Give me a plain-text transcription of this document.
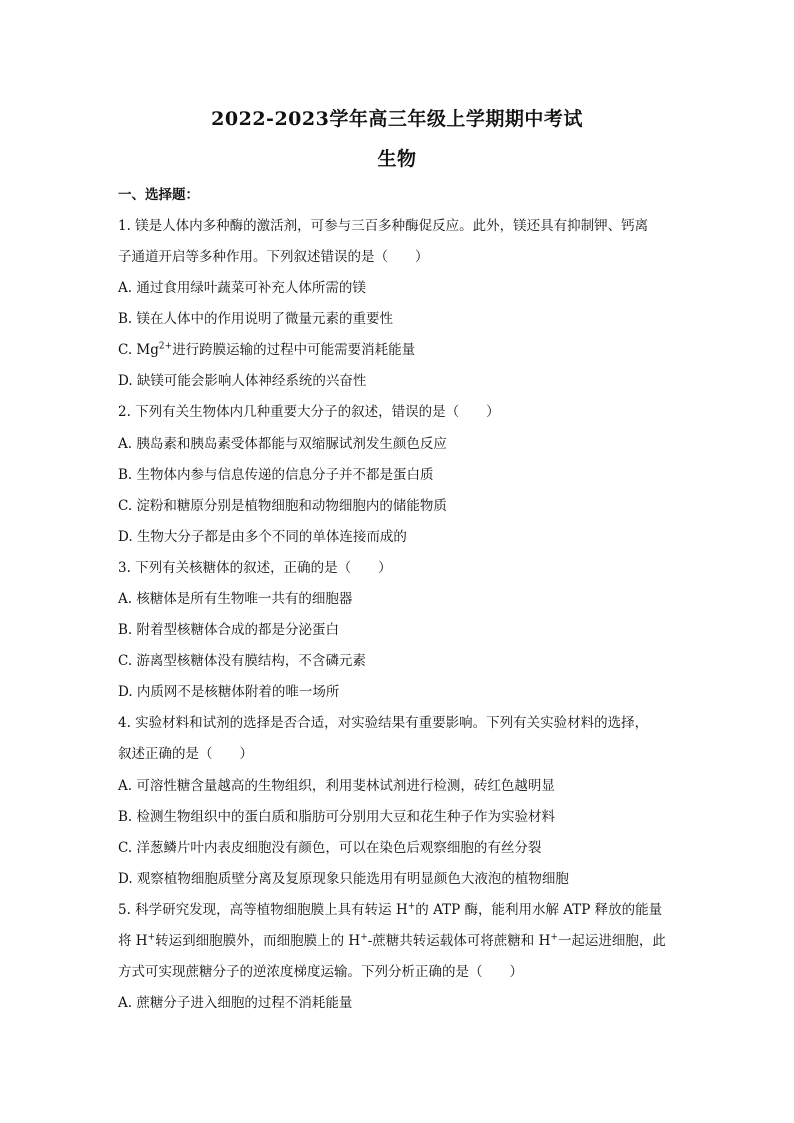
2022-2023学年高三年级上学期期中考试
生物
一、选择题：
1. 镁是人体内多种酶的激活剂，可参与三百多种酶促反应。此外，镁还具有抑制钾、钙离
子通道开启等多种作用。下列叙述错误的是（　　）
A. 通过食用绿叶蔬菜可补充人体所需的镁
B. 镁在人体中的作用说明了微量元素的重要性
C. $Mg^{2+}$进行跨膜运输的过程中可能需要消耗能量
D. 缺镁可能会影响人体神经系统的兴奋性
2. 下列有关生物体内几种重要大分子的叙述，错误的是（　　）
A. 胰岛素和胰岛素受体都能与双缩脲试剂发生颜色反应
B. 生物体内参与信息传递的信息分子并不都是蛋白质
C. 淀粉和糖原分别是植物细胞和动物细胞内的储能物质
D. 生物大分子都是由多个不同的单体连接而成的
3. 下列有关核糖体的叙述，正确的是（　　）
A. 核糖体是所有生物唯一共有的细胞器
B. 附着型核糖体合成的都是分泌蛋白
C. 游离型核糖体没有膜结构，不含磷元素
D. 内质网不是核糖体附着的唯一场所
4. 实验材料和试剂的选择是否合适，对实验结果有重要影响。下列有关实验材料的选择，
叙述正确的是（　　）
A. 可溶性糖含量越高的生物组织，利用斐林试剂进行检测，砖红色越明显
B. 检测生物组织中的蛋白质和脂肪可分别用大豆和花生种子作为实验材料
C. 洋葱鳞片叶内表皮细胞没有颜色，可以在染色后观察细胞的有丝分裂
D. 观察植物细胞质壁分离及复原现象只能选用有明显颜色大液泡的植物细胞
5. 科学研究发现，高等植物细胞膜上具有转运 H+的 ATP 酶，能利用水解 ATP 释放的能量
将 H+转运到细胞膜外，而细胞膜上的 H+-蔗糖共转运载体可将蔗糖和 H+一起运进细胞，此
方式可实现蔗糖分子的逆浓度梯度运输。下列分析正确的是（　　）
A. 蔗糖分子进入细胞的过程不消耗能量
